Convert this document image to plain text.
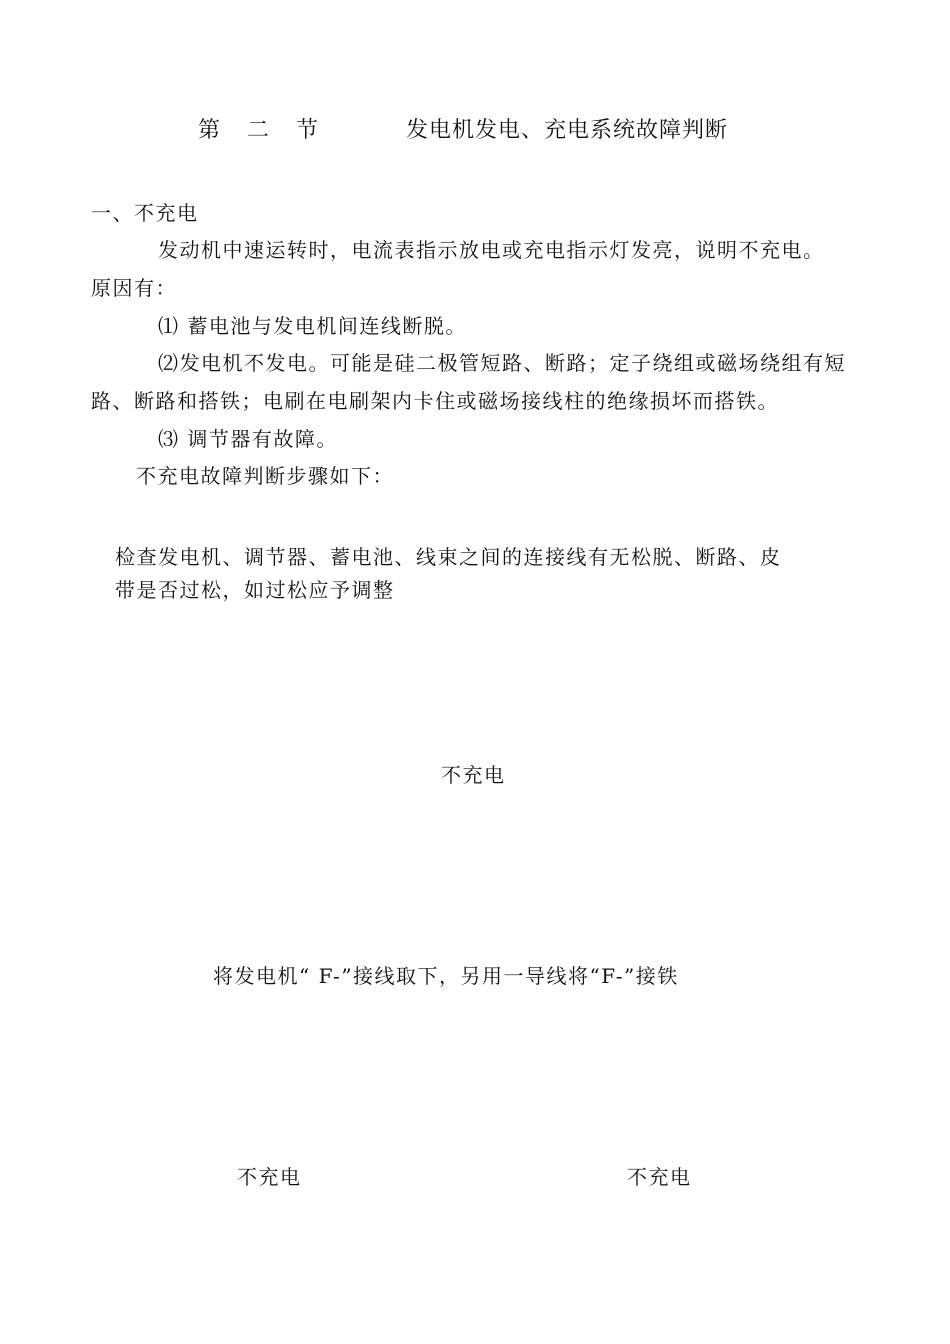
第 二 节	发电机发电、充电系统故障判断
一、不充电
发动机中速运转时，电流表指示放电或充电指示灯发亮，说明不充电。
原因有：
⑴ 蓄电池与发电机间连线断脱。
⑵发电机不发电。可能是硅二极管短路、断路；定子绕组或磁场绕组有短
路、断路和搭铁；电刷在电刷架内卡住或磁场接线柱的绝缘损坏而搭铁。
⑶ 调节器有故障。
不充电故障判断步骤如下：
检查发电机、调节器、蓄电池、线束之间的连接线有无松脱、断路、皮
带是否过松，如过松应予调整
不充电
将发电机“ F-”接线取下，另用一导线将“F-”接铁
不充电	不充电
